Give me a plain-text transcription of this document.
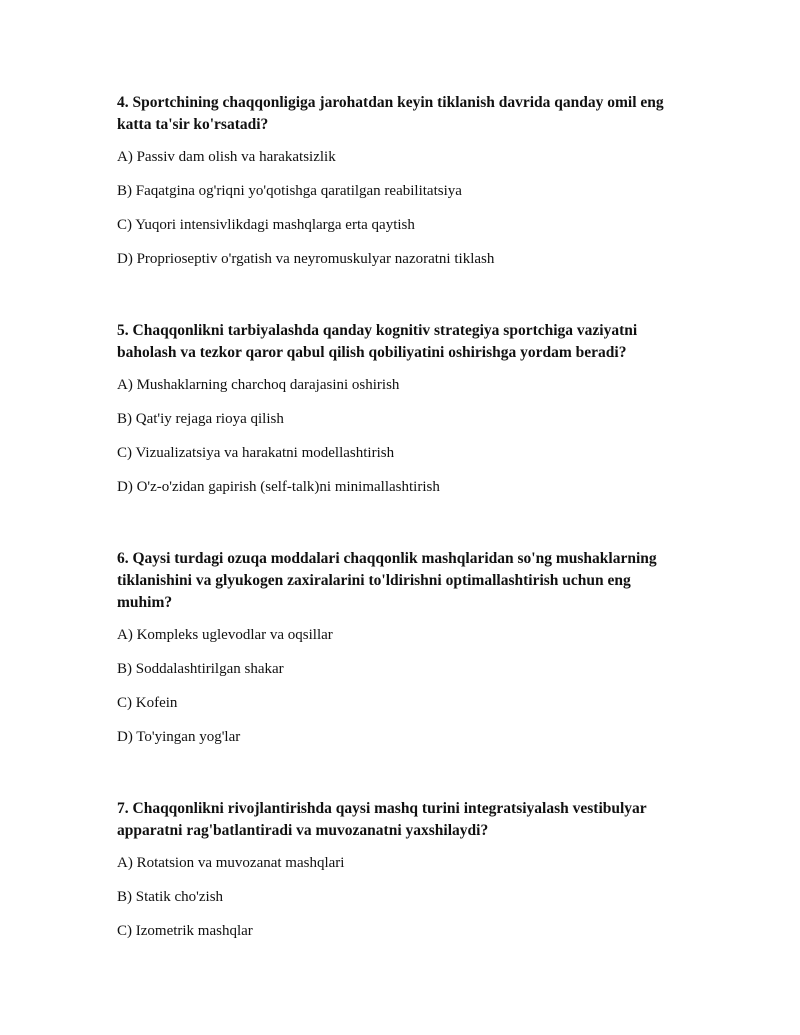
4. Sportchining chaqqonligiga jarohatdan keyin tiklanish davrida qanday omil eng katta ta'sir ko'rsatadi?

A) Passiv dam olish va harakatsizlik

B) Faqatgina og'riqni yo'qotishga qaratilgan reabilitatsiya

C) Yuqori intensivlikdagi mashqlarga erta qaytish

D) Proprioseptiv o'rgatish va neyromuskulyar nazoratni tiklash

5. Chaqqonlikni tarbiyalashda qanday kognitiv strategiya sportchiga vaziyatni baholash va tezkor qaror qabul qilish qobiliyatini oshirishga yordam beradi?

A) Mushaklarning charchoq darajasini oshirish

B) Qat'iy rejaga rioya qilish

C) Vizualizatsiya va harakatni modellashtirish

D) O'z-o'zidan gapirish (self-talk)ni minimallashtirish

6. Qaysi turdagi ozuqa moddalari chaqqonlik mashqlaridan so'ng mushaklarning tiklanishini va glyukogen zaxiralarini to'ldirishni optimallashtirish uchun eng muhim?

A) Kompleks uglevodlar va oqsillar

B) Soddalashtirilgan shakar

C) Kofein

D) To'yingan yog'lar

7. Chaqqonlikni rivojlantirishda qaysi mashq turini integratsiyalash vestibulyar apparatni rag'batlantiradi va muvozanatni yaxshilaydi?

A) Rotatsion va muvozanat mashqlari

B) Statik cho'zish

C) Izometrik mashqlar
